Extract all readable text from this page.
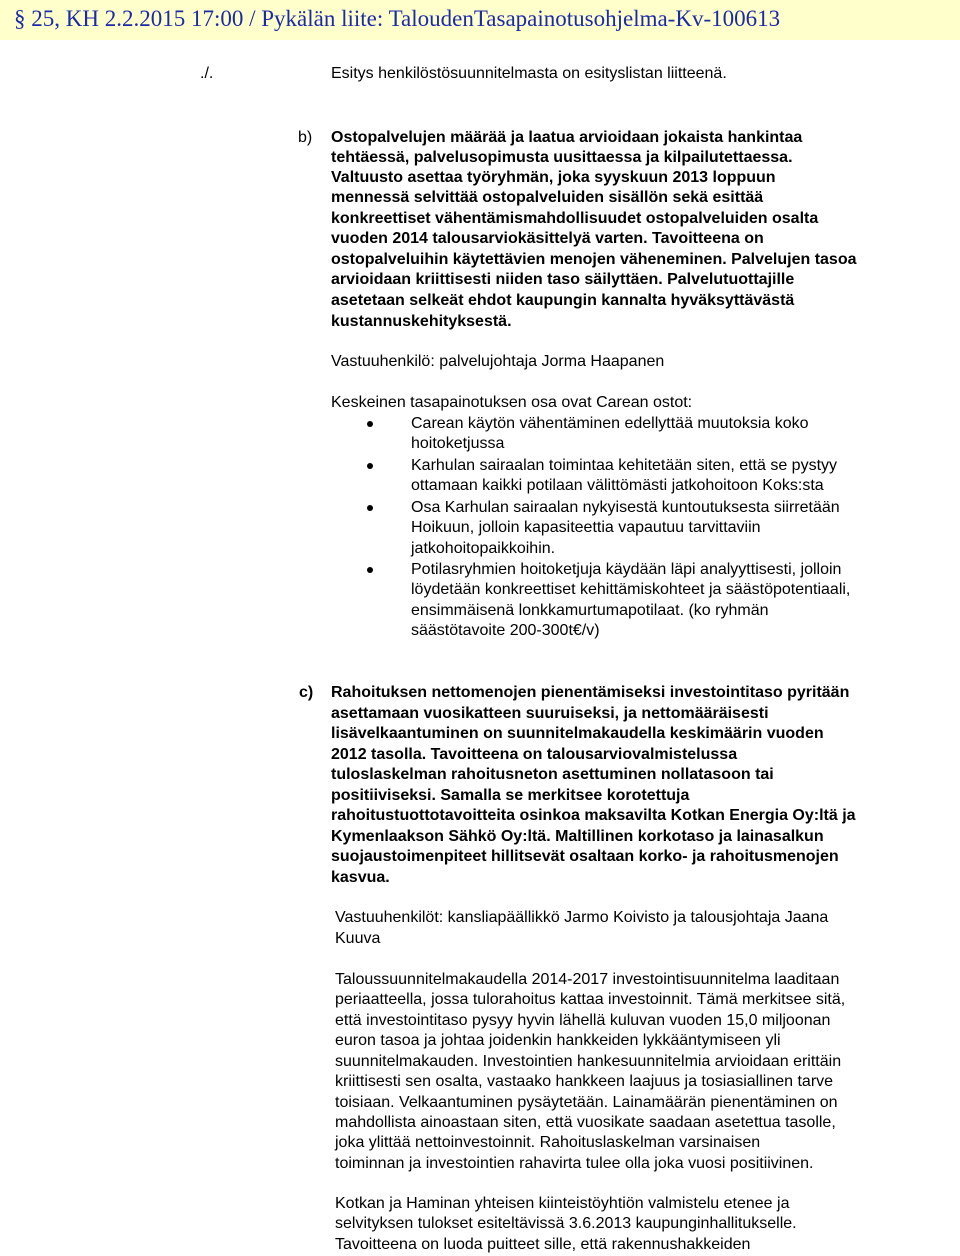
§ 25, KH 2.2.2015 17:00 / Pykälän liite: TaloudenTasapainotusohjelma-Kv-100613
./.	Esitys henkilöstösuunnitelmasta on esityslistan liitteenä.
b) Ostopalvelujen määrää ja laatua arvioidaan jokaista hankintaa
tehtäessä, palvelusopimusta uusittaessa ja kilpailutettaessa.
Valtuusto asettaa työryhmän, joka syyskuun 2013 loppuun
mennessä selvittää ostopalveluiden sisällön sekä esittää
konkreettiset vähentämismahdollisuudet ostopalveluiden osalta
vuoden 2014 talousarviokäsittelyä varten. Tavoitteena on
ostopalveluihin käytettävien menojen väheneminen. Palvelujen tasoa
arvioidaan kriittisesti niiden taso säilyttäen. Palvelutuottajille
asetetaan selkeät ehdot kaupungin kannalta hyväksyttävästä
kustannuskehityksestä.
Vastuuhenkilö: palvelujohtaja Jorma Haapanen
Keskeinen tasapainotuksen osa ovat Carean ostot:
Carean käytön vähentäminen edellyttää muutoksia koko
hoitoketjussa
Karhulan sairaalan toimintaa kehitetään siten, että se pystyy
ottamaan kaikki potilaan välittömästi jatkohoitoon Koks:sta
Osa Karhulan sairaalan nykyisestä kuntoutuksesta siirretään
Hoikuun, jolloin kapasiteettia vapautuu tarvittaviin
jatkohoitopaikkoihin.
Potilasryhmien hoitoketjuja käydään läpi analyyttisesti, jolloin
löydetään konkreettiset kehittämiskohteet ja säästöpotentiaali,
ensimmäisenä lonkkamurtumapotilaat. (ko ryhmän
säästötavoite 200-300t€/v)
c) Rahoituksen nettomenojen pienentämiseksi investointitaso pyritään
asettamaan vuosikatteen suuruiseksi, ja nettomääräisesti
lisävelkaantuminen on suunnitelmakaudella keskimäärin vuoden
2012 tasolla. Tavoitteena on talousarviovalmistelussa
tuloslaskelman rahoitusneton asettuminen nollatasoon tai
positiiviseksi. Samalla se merkitsee korotettuja
rahoitustuottotavoitteita osinkoa maksavilta Kotkan Energia Oy:ltä ja
Kymenlaakson Sähkö Oy:ltä. Maltillinen korkotaso ja lainasalkun
suojaustoimenpiteet hillitsevät osaltaan korko- ja rahoitusmenojen
kasvua.
Vastuuhenkilöt: kansliapäällikkö Jarmo Koivisto ja talousjohtaja Jaana
Kuuva
Taloussuunnitelmakaudella 2014-2017 investointisuunnitelma laaditaan
periaatteella, jossa tulorahoitus kattaa investoinnit. Tämä merkitsee sitä,
että investointitaso pysyy hyvin lähellä kuluvan vuoden 15,0 miljoonan
euron tasoa ja johtaa joidenkin hankkeiden lykkääntymiseen yli
suunnitelmakauden. Investointien hankesuunnitelmia arvioidaan erittäin
kriittisesti sen osalta, vastaako hankkeen laajuus ja tosiasiallinen tarve
toisiaan. Velkaantuminen pysäytetään. Lainamäärän pienentäminen on
mahdollista ainoastaan siten, että vuosikate saadaan asetettua tasolle,
joka ylittää nettoinvestoinnit. Rahoituslaskelman varsinaisen
toiminnan ja investointien rahavirta tulee olla joka vuosi positiivinen.
Kotkan ja Haminan yhteisen kiinteistöyhtiön valmistelu etenee ja
selvityksen tulokset esiteltävissä 3.6.2013 kaupunginhallitukselle.
Tavoitteena on luoda puitteet sille, että rakennushakkeiden
